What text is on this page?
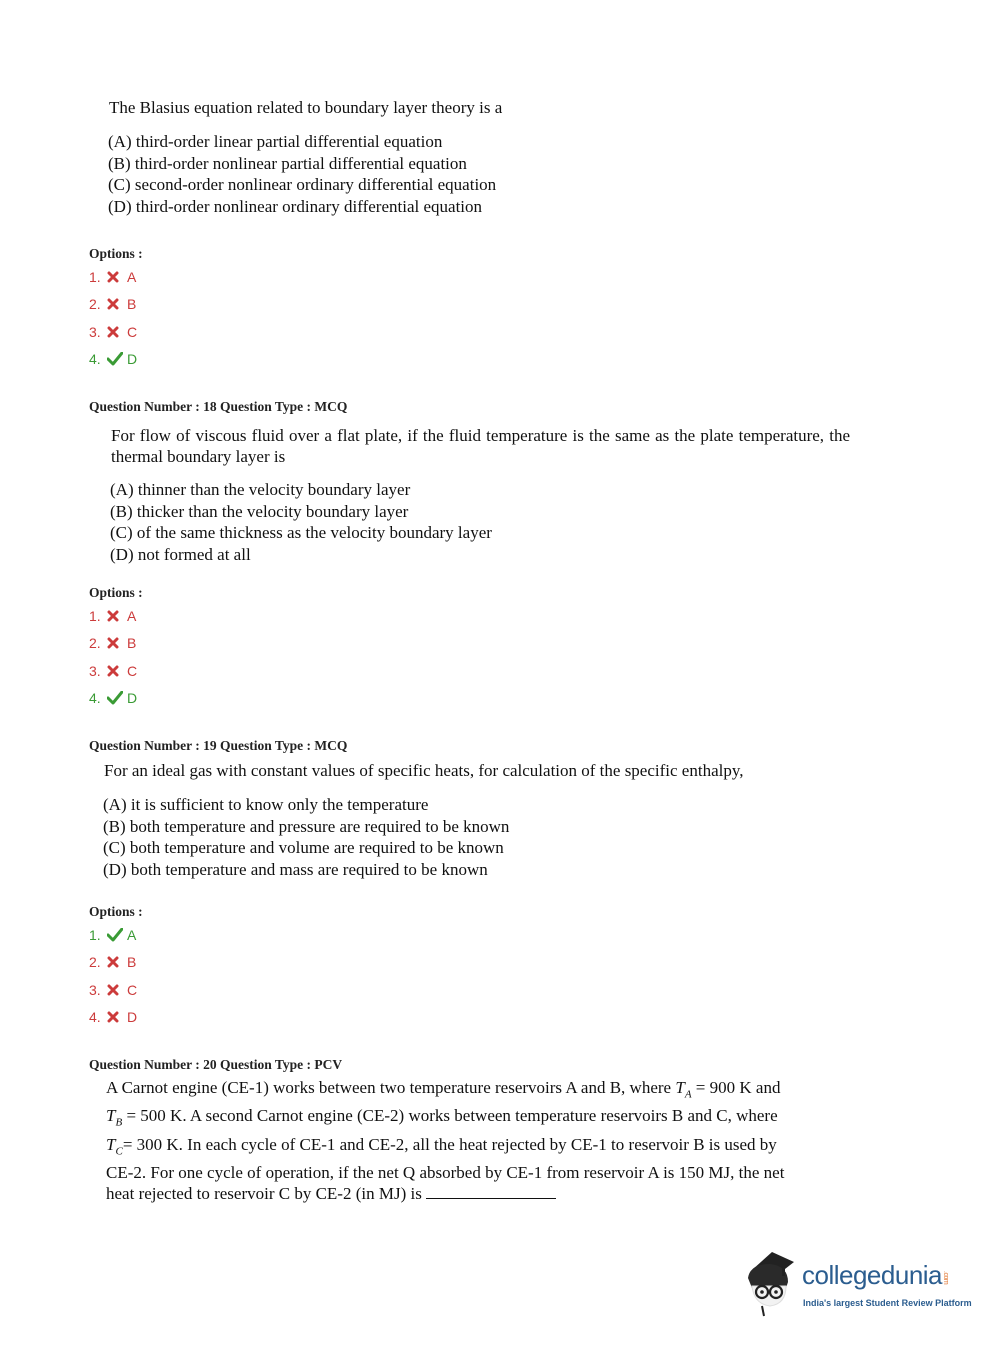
The Blasius equation related to boundary layer theory is a
(A) third-order linear partial differential equation
(B) third-order nonlinear partial differential equation
(C) second-order nonlinear ordinary differential equation
(D) third-order nonlinear ordinary differential equation
Options :
Question Number : 18 Question Type : MCQ
For flow of viscous fluid over a flat plate, if the fluid temperature is the same as the plate temperature, the thermal boundary layer is
(A) thinner than the velocity boundary layer
(B) thicker than the velocity boundary layer
(C) of the same thickness as the velocity boundary layer
(D) not formed at all
Options :
Question Number : 19 Question Type : MCQ
For an ideal gas with constant values of specific heats, for calculation of the specific enthalpy,
(A) it is sufficient to know only the temperature
(B) both temperature and pressure are required to be known
(C) both temperature and volume are required to be known
(D) both temperature and mass are required to be known
Options :
Question Number : 20 Question Type : PCV
A Carnot engine (CE-1) works between two temperature reservoirs A and B, where $T_A = 900$ K and
$T_B = 500$ K. A second Carnot engine (CE-2) works between temperature reservoirs B and C, where
$T_C= 300$ K. In each cycle of CE-1 and CE-2, all the heat rejected by CE-1 to reservoir B is used by
CE-2. For one cycle of operation, if the net Q absorbed by CE-1 from reservoir A is 150 MJ, the net
heat rejected to reservoir C by CE-2 (in MJ) is
collegedunia.com
India's largest Student Review Platform
1.	A
2.	B
3.	C
4.	D
1.	A
2.	B
3.	C
4.	D
1.	A
2.	B
3.	C
4.	D
